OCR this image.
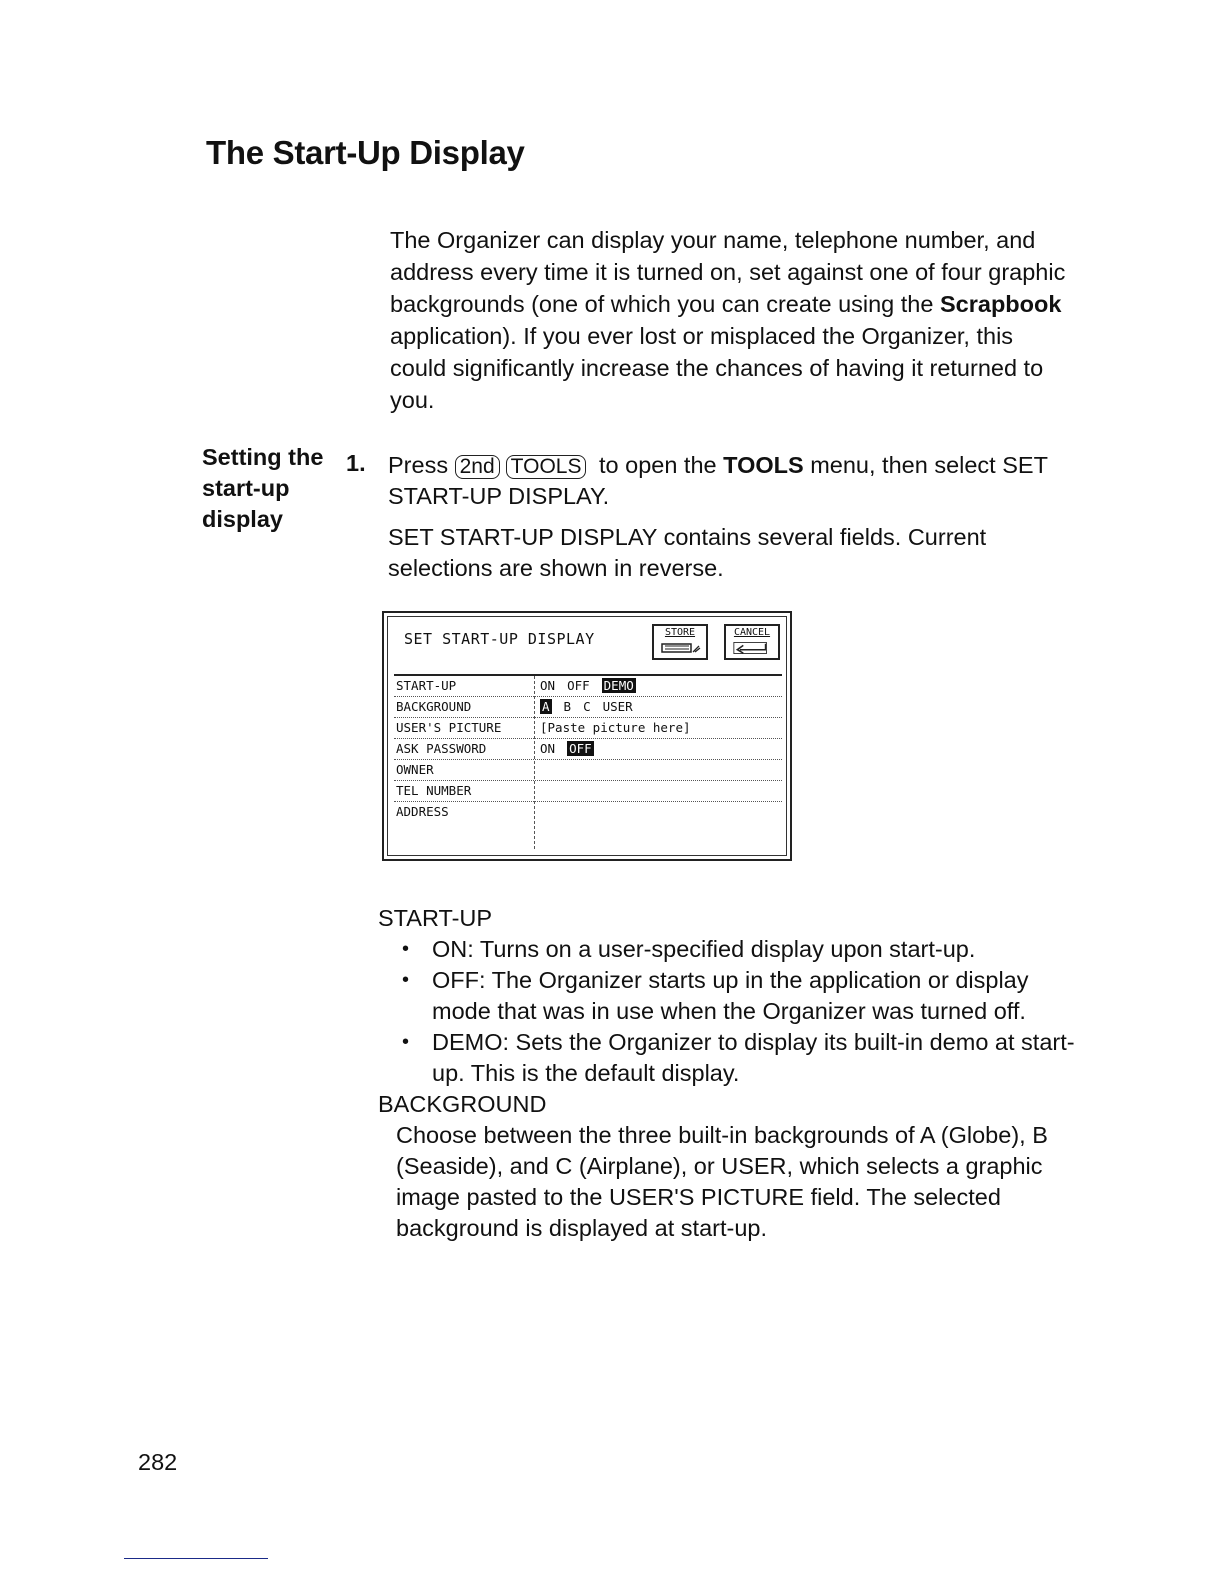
The Start-Up Display
The Organizer can display your name, telephone number, and address every time it is turned on, set against one of four graphic backgrounds (one of which you can create using the Scrapbook application). If you ever lost or misplaced the Organizer, this could significantly increase the chances of having it returned to you.
Setting the
start-up
display
1. Press 2nd TOOLS to open the TOOLS menu, then select SET START-UP DISPLAY.

SET START-UP DISPLAY contains several fields. Current selections are shown in reverse.

SET START-UP DISPLAY	STORE	CANCEL
START-UP	ON OFF DEMO
BACKGROUND	A B C USER
USER'S PICTURE	[Paste picture here]
ASK PASSWORD	ON OFF
OWNER
TEL NUMBER
ADDRESS

START-UP

• ON: Turns on a user-specified display upon start-up.
• OFF: The Organizer starts up in the application or display mode that was in use when the Organizer was turned off.
• DEMO: Sets the Organizer to display its built-in demo at start-up. This is the default display.

BACKGROUND

Choose between the three built-in backgrounds of A (Globe), B (Seaside), and C (Airplane), or USER, which selects a graphic image pasted to the USER'S PICTURE field. The selected background is displayed at start-up.

282
